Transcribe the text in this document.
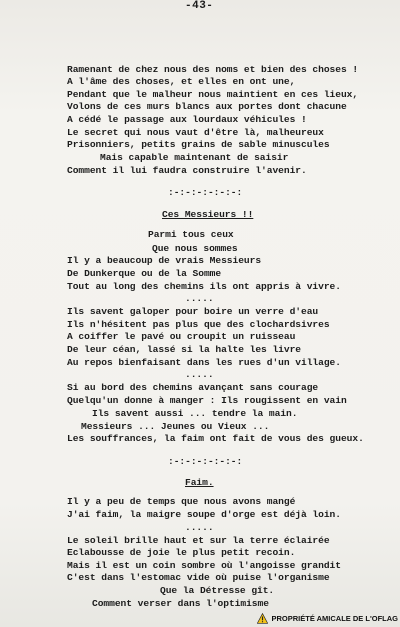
-43-
Ramenant de chez nous des noms et bien des choses !
A l'âme des choses, et elles en ont une,
Pendant que le malheur nous maintient en ces lieux,
Volons de ces murs blancs aux portes dont chacune
A cédé le passage aux lourdaux véhicules !
Le secret qui nous vaut d'être là, malheureux
Prisonniers, petits grains de sable minuscules
Mais capable maintenant de saisir
Comment il lui faudra construire l'avenir.
:-:-:-:-:-:-:
Ces Messieurs !!
Parmi tous ceux
Que nous sommes
Il y a beaucoup de vrais Messieurs
De Dunkerque ou de la Somme
Tout au long des chemins ils ont appris à vivre.
.....
Ils savent galoper pour boire un verre d'eau
Ils n'hésitent pas plus que des clochardsivres
A coiffer le pavé ou croupit un ruisseau
De leur céan, lassé si la halte les livre
Au repos bienfaisant dans les rues d'un village.
.....
Si au bord des chemins avançant sans courage
Quelqu'un donne à manger : Ils rougissent en vain
Ils savent aussi ... tendre la main.
Messieurs ... Jeunes ou Vieux ...
Les souffrances, la faim ont fait de vous des gueux.
:-:-:-:-:-:-:
Faim.
Il y a peu de temps que nous avons mangé
J'ai faim, la maigre soupe d'orge est déjà loin.
.....
Le soleil brille haut et sur la terre éclairée
Eclabousse de joie le plus petit recoin.
Mais il est un coin sombre où l'angoisse grandit
C'est dans l'estomac vide où puise l'organisme
Que la Détresse gît.
Comment verser dans l'optimisme
PROPRIÉTÉ AMICALE DE L'OFLAG
